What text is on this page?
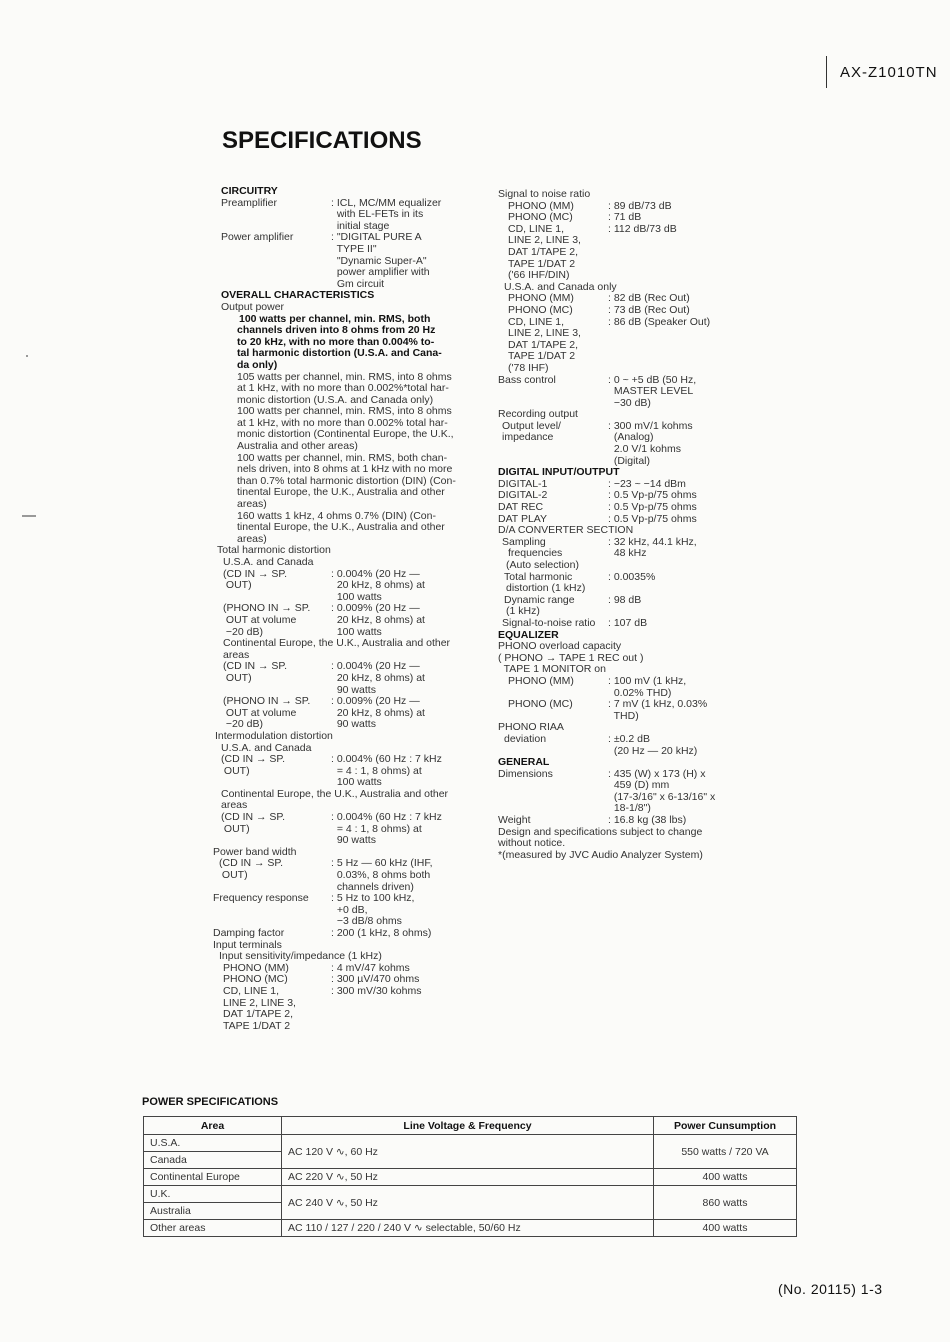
AX-Z1010TN
SPECIFICATIONS
CIRCUITRY
Preamplifier	: ICL, MC/MM equalizer
with EL-FETs in its
initial stage
Power amplifier	: "DIGITAL PURE A
TYPE II"
"Dynamic Super-A"
power amplifier with
Gm circuit
OVERALL CHARACTERISTICS
Output power
100 watts per channel, min. RMS, both
channels driven into 8 ohms from 20 Hz
to 20 kHz, with no more than 0.004% to-
tal harmonic distortion (U.S.A. and Cana-
da only)
105 watts per channel, min. RMS, into 8 ohms
at 1 kHz, with no more than 0.002%*total har-
monic distortion (U.S.A. and Canada only)
100 watts per channel, min. RMS, into 8 ohms
at 1 kHz, with no more than 0.002% total har-
monic distortion (Continental Europe, the U.K.,
Australia and other areas)
100 watts per channel, min. RMS, both chan-
nels driven, into 8 ohms at 1 kHz with no more
than 0.7% total harmonic distortion (DIN) (Con-
tinental Europe, the U.K., Australia and other
areas)
160 watts 1 kHz, 4 ohms 0.7% (DIN) (Con-
tinental Europe, the U.K., Australia and other
areas)
Total harmonic distortion
U.S.A. and Canada
(CD IN → SP.	: 0.004% (20 Hz —
OUT)	20 kHz, 8 ohms) at
100 watts
(PHONO IN → SP. : 0.009% (20 Hz —
OUT at volume	20 kHz, 8 ohms) at
−20 dB)	100 watts
Continental Europe, the U.K., Australia and other
areas
(CD IN → SP.	: 0.004% (20 Hz —
OUT)	20 kHz, 8 ohms) at
90 watts
(PHONO IN → SP. : 0.009% (20 Hz —
OUT at volume	20 kHz, 8 ohms) at
−20 dB)	90 watts
Intermodulation distortion
U.S.A. and Canada
(CD IN → SP.	: 0.004% (60 Hz : 7 kHz
OUT)	= 4 : 1, 8 ohms) at
100 watts
Continental Europe, the U.K., Australia and other
areas
(CD IN → SP.	: 0.004% (60 Hz : 7 kHz
OUT)	= 4 : 1, 8 ohms) at
90 watts
Power band width
(CD IN → SP.	: 5 Hz — 60 kHz (IHF,
OUT)	0.03%, 8 ohms both
channels driven)
Frequency response : 5 Hz to 100 kHz,
+0 dB,
−3 dB/8 ohms
Damping factor	: 200 (1 kHz, 8 ohms)
Input terminals
Input sensitivity/impedance (1 kHz)
PHONO (MM)	: 4 mV/47 kohms
PHONO (MC)	: 300 µV/470 ohms
CD, LINE 1,	: 300 mV/30 kohms
LINE 2, LINE 3,
DAT 1/TAPE 2,
TAPE 1/DAT 2
Signal to noise ratio
PHONO (MM)	: 89 dB/73 dB
PHONO (MC)	: 71 dB
CD, LINE 1,	: 112 dB/73 dB
LINE 2, LINE 3,
DAT 1/TAPE 2,
TAPE 1/DAT 2
('66 IHF/DIN)
U.S.A. and Canada only
PHONO (MM)	: 82 dB (Rec Out)
PHONO (MC)	: 73 dB (Rec Out)
CD, LINE 1,	: 86 dB (Speaker Out)
LINE 2, LINE 3,
DAT 1/TAPE 2,
TAPE 1/DAT 2
('78 IHF)
Bass control	: 0 ~ +5 dB (50 Hz,
MASTER LEVEL
−30 dB)
Recording output
Output level/	: 300 mV/1 kohms
impedance	(Analog)
2.0 V/1 kohms
(Digital)
DIGITAL INPUT/OUTPUT
DIGITAL-1	: −23 ~ −14 dBm
DIGITAL-2	: 0.5 Vp-p/75 ohms
DAT REC	: 0.5 Vp-p/75 ohms
DAT PLAY	: 0.5 Vp-p/75 ohms
D/A CONVERTER SECTION
Sampling	: 32 kHz, 44.1 kHz,
frequencies	48 kHz
(Auto selection)
Total harmonic	: 0.0035%
distortion (1 kHz)
Dynamic range	: 98 dB
(1 kHz)
Signal-to-noise ratio : 107 dB
EQUALIZER
PHONO overload capacity
( PHONO → TAPE 1 REC out )
TAPE 1 MONITOR on
PHONO (MM)	: 100 mV (1 kHz,
0.02% THD)
PHONO (MC)	: 7 mV (1 kHz, 0.03%
THD)
PHONO RIAA
deviation	: ±0.2 dB
(20 Hz — 20 kHz)
GENERAL
Dimensions	: 435 (W) x 173 (H) x
459 (D) mm
(17-3/16" x 6-13/16" x
18-1/8")
Weight	: 16.8 kg (38 lbs)
Design and specifications subject to change
without notice.
*(measured by JVC Audio Analyzer System)
POWER SPECIFICATIONS
Area	Line Voltage & Frequency	Power Cunsumption
U.S.A.	AC 120 V ∿, 60 Hz	550 watts / 720 VA
Canada		
Continental Europe	AC 220 V ∿, 50 Hz	400 watts
U.K.	AC 240 V ∿, 50 Hz	860 watts
Australia		
Other areas	AC 110 / 127 / 220 / 240 V ∿ selectable, 50/60 Hz	400 watts
(No. 20115) 1-3
